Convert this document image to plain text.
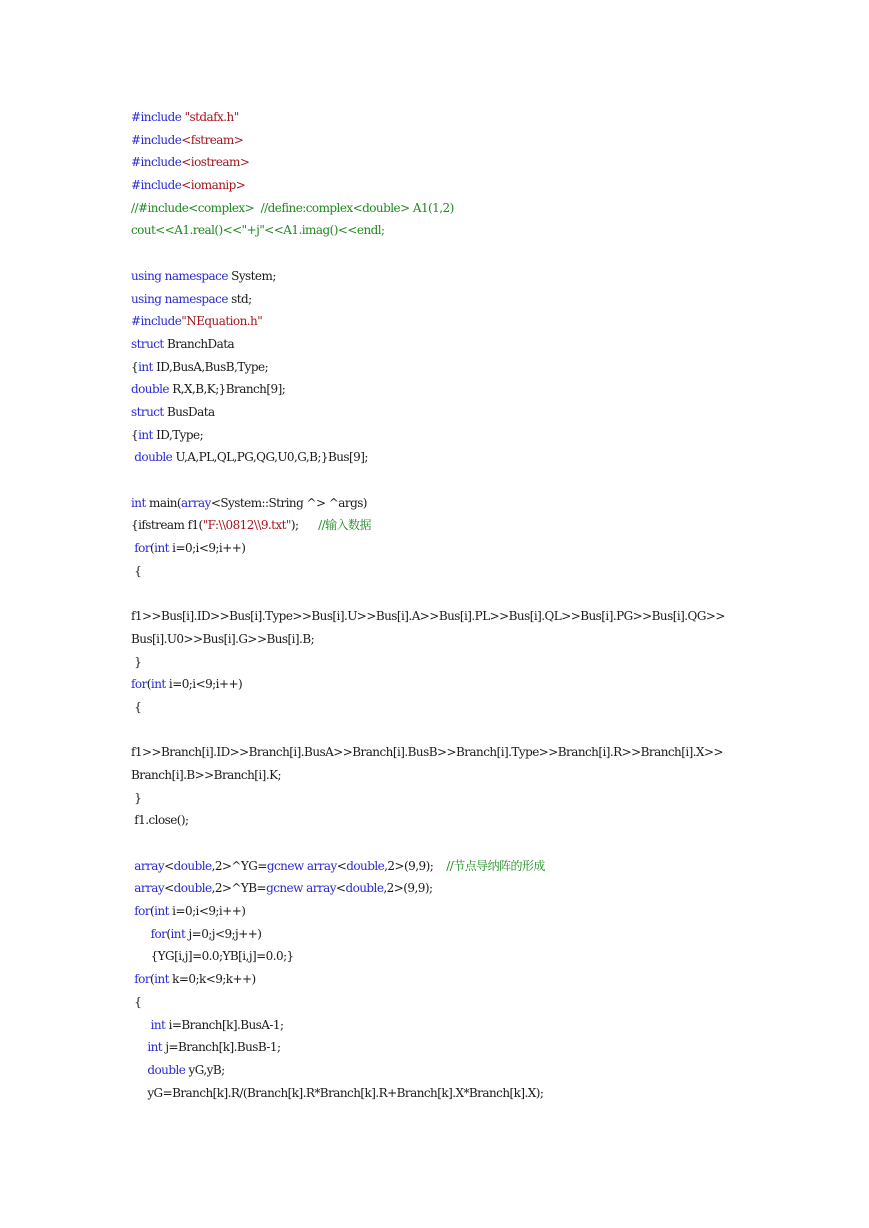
#include "stdafx.h"
#include<fstream>
#include<iostream>
#include<iomanip>
//#include<complex>  //define:complex<double> A1(1,2)
cout<<A1.real()<<"+j"<<A1.imag()<<endl;

using namespace System;
using namespace std;
#include"NEquation.h"
struct BranchData
{int ID,BusA,BusB,Type;
double R,X,B,K;}Branch[9];
struct BusData
{int ID,Type;
double U,A,PL,QL,PG,QG,U0,G,B;}Bus[9];

int main(array<System::String ^> ^args)
{ifstream f1("F:\\0812\\9.txt");      //输入数据
for(int i=0;i<9;i++)
{

f1>>Bus[i].ID>>Bus[i].Type>>Bus[i].U>>Bus[i].A>>Bus[i].PL>>Bus[i].QL>>Bus[i].PG>>Bus[i].QG>>
Bus[i].U0>>Bus[i].G>>Bus[i].B;
}
for(int i=0;i<9;i++)
{

f1>>Branch[i].ID>>Branch[i].BusA>>Branch[i].BusB>>Branch[i].Type>>Branch[i].R>>Branch[i].X>>
Branch[i].B>>Branch[i].K;
}
f1.close();

array<double,2>^YG=gcnew array<double,2>(9,9);    //节点导纳阵的形成
array<double,2>^YB=gcnew array<double,2>(9,9);
for(int i=0;i<9;i++)
for(int j=0;j<9;j++)
{YG[i,j]=0.0;YB[i,j]=0.0;}
for(int k=0;k<9;k++)
{
int i=Branch[k].BusA-1;
int j=Branch[k].BusB-1;
double yG,yB;
yG=Branch[k].R/(Branch[k].R*Branch[k].R+Branch[k].X*Branch[k].X);
